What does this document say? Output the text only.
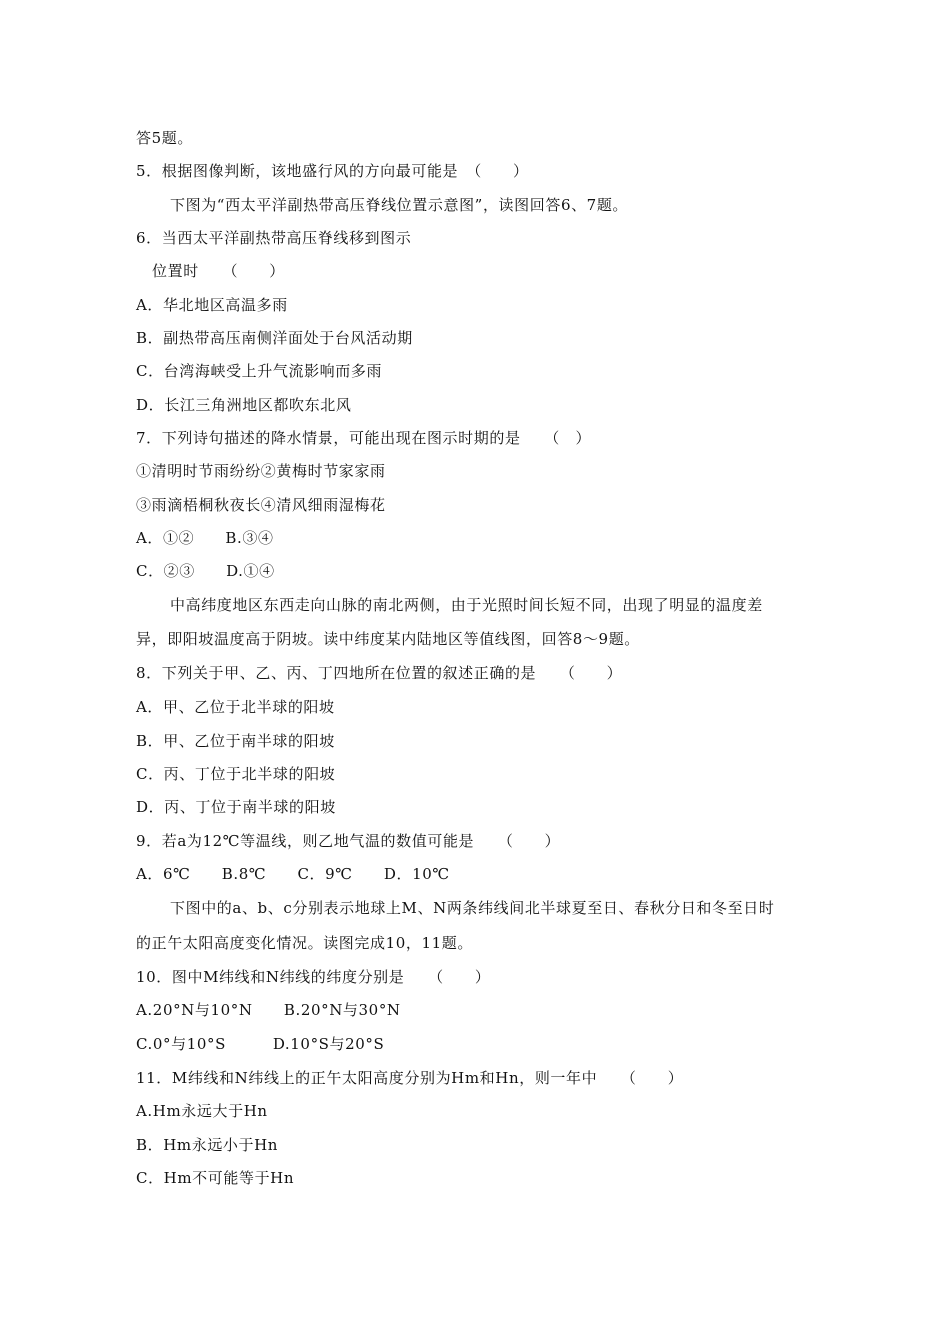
答5题。
5．根据图像判断，该地盛行风的方向最可能是　（　　）
下图为“西太平洋副热带高压脊线位置示意图”，读图回答6、7题。
6．当西太平洋副热带高压脊线移到图示
位置时　　（　　）
A．华北地区高温多雨
B．副热带高压南侧洋面处于台风活动期
C．台湾海峡受上升气流影响而多雨
D．长江三角洲地区都吹东北风
7．下列诗句描述的降水情景，可能出现在图示时期的是　　（　）
①清明时节雨纷纷②黄梅时节家家雨
③雨滴梧桐秋夜长④清风细雨湿梅花
A．①②　　B.③④
C．②③　　D.①④
中高纬度地区东西走向山脉的南北两侧，由于光照时间长短不同，出现了明显的温度差
异，即阳坡温度高于阴坡。读中纬度某内陆地区等值线图，回答8～9题。
8．下列关于甲、乙、丙、丁四地所在位置的叙述正确的是　　（　　）
A．甲、乙位于北半球的阳坡
B．甲、乙位于南半球的阳坡
C．丙、丁位于北半球的阳坡
D．丙、丁位于南半球的阳坡
9．若a为12℃等温线，则乙地气温的数值可能是　　（　　）
A．6℃　　B.8℃　　C．9℃　　D．10℃
下图中的a、b、c分别表示地球上M、N两条纬线间北半球夏至日、春秋分日和冬至日时
的正午太阳高度变化情况。读图完成10，11题。
10．图中M纬线和N纬线的纬度分别是　　（　　）
A.20°N与10°N　　B.20°N与30°N
C.0°与10°S　　　D.10°S与20°S
11．M纬线和N纬线上的正午太阳高度分别为Hm和Hn，则一年中　　（　　）
A.Hm永远大于Hn
B．Hm永远小于Hn
C．Hm不可能等于Hn
